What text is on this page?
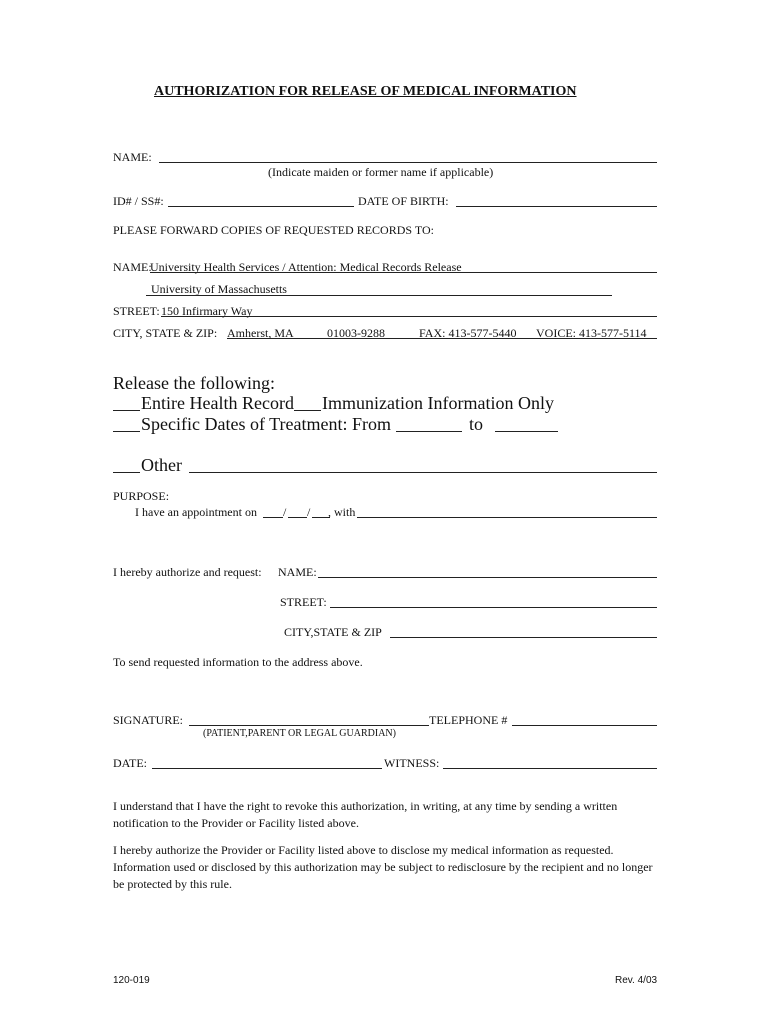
AUTHORIZATION FOR RELEASE OF MEDICAL INFORMATION
NAME:
(Indicate maiden or former name if applicable)
ID# / SS#:	DATE OF BIRTH:
PLEASE FORWARD COPIES OF REQUESTED RECORDS TO:
NAME:
University Health Services / Attention: Medical Records Release
University of Massachusetts
STREET: 150 Infirmary Way
CITY, STATE & ZIP: Amherst, MA	01003-9288	FAX: 413-577-5440 VOICE: 413-577-5114
Release the following:
Entire Health Record Immunization Information Only
Specific Dates of Treatment: From	to
Other
PURPOSE:
I have an appointment on / / , with
I hereby authorize and request: NAME:
STREET:
CITY,STATE & ZIP
To send requested information to the address above.
SIGNATURE:	TELEPHONE #
(PATIENT,PARENT OR LEGAL GUARDIAN)
DATE:	WITNESS:
I understand that I have the right to revoke this authorization, in writing, at any time by sending a written notification to the Provider or Facility listed above.
I hereby authorize the Provider or Facility listed above to disclose my medical information as requested. Information used or disclosed by this authorization may be subject to redisclosure by the recipient and no longer be protected by this rule.
120-019	Rev. 4/03
